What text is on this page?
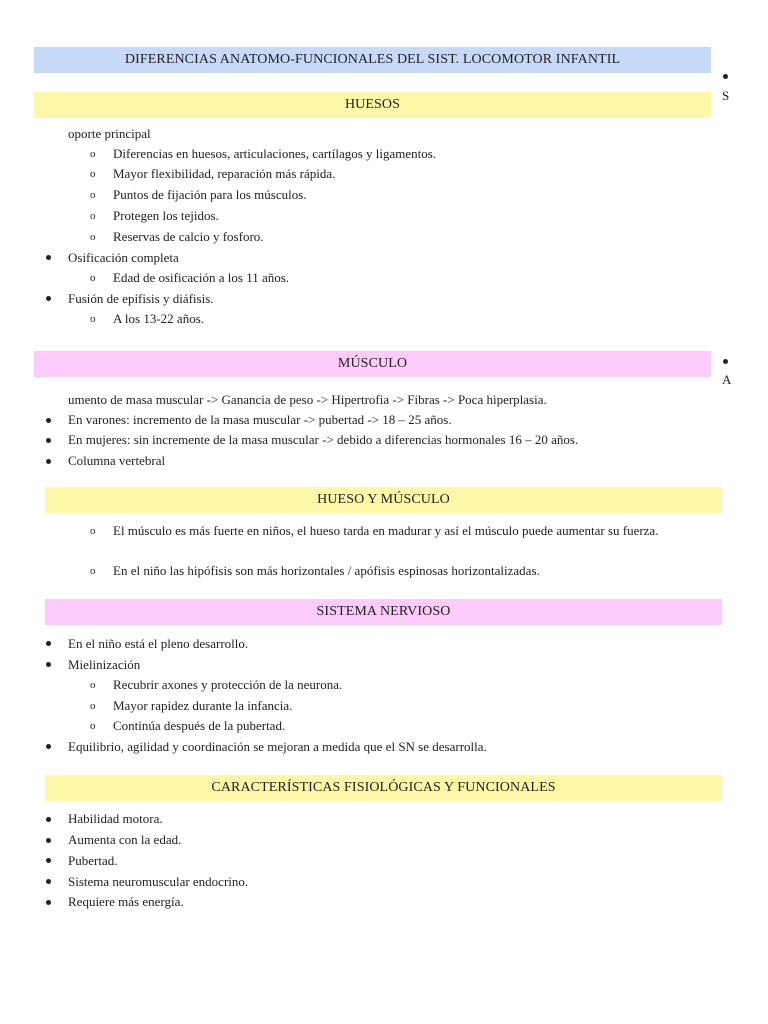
DIFERENCIAS ANATOMO-FUNCIONALES DEL SIST. LOCOMOTOR INFANTIL
S
A
HUESOS
oporte principal
o Diferencias en huesos, articulaciones, cartílagos y ligamentos.
o Mayor flexibilidad, reparación más rápida.
o Puntos de fijación para los músculos.
o Protegen los tejidos.
o Reservas de calcio y fosforo.
Osificación completa
o Edad de osificación a los 11 años.
Fusión de epífisis y diáfisis.
o A los 13-22 años.
MÚSCULO
umento de masa muscular -> Ganancia de peso -> Hipertrofia -> Fibras -> Poca hiperplasia.
En varones: incremento de la masa muscular -> pubertad -> 18 – 25 años.
En mujeres: sin incremente de la masa muscular -> debido a diferencias hormonales 16 – 20 años.
Columna vertebral
HUESO Y MÚSCULO
o El músculo es más fuerte en niños, el hueso tarda en madurar y así el músculo puede aumentar su fuerza.
o En el niño las hipófisis son más horizontales / apófisis espinosas horizontalizadas.
SISTEMA NERVIOSO
En el niño está el pleno desarrollo.
Mielinización
o Recubrir axones y protección de la neurona.
o Mayor rapidez durante la infancia.
o Continúa después de la pubertad.
Equilibrio, agilidad y coordinación se mejoran a medida que el SN se desarrolla.
CARACTERÍSTICAS FISIOLÓGICAS Y FUNCIONALES
Habilidad motora.
Aumenta con la edad.
Pubertad.
Sistema neuromuscular endocrino.
Requiere más energía.
